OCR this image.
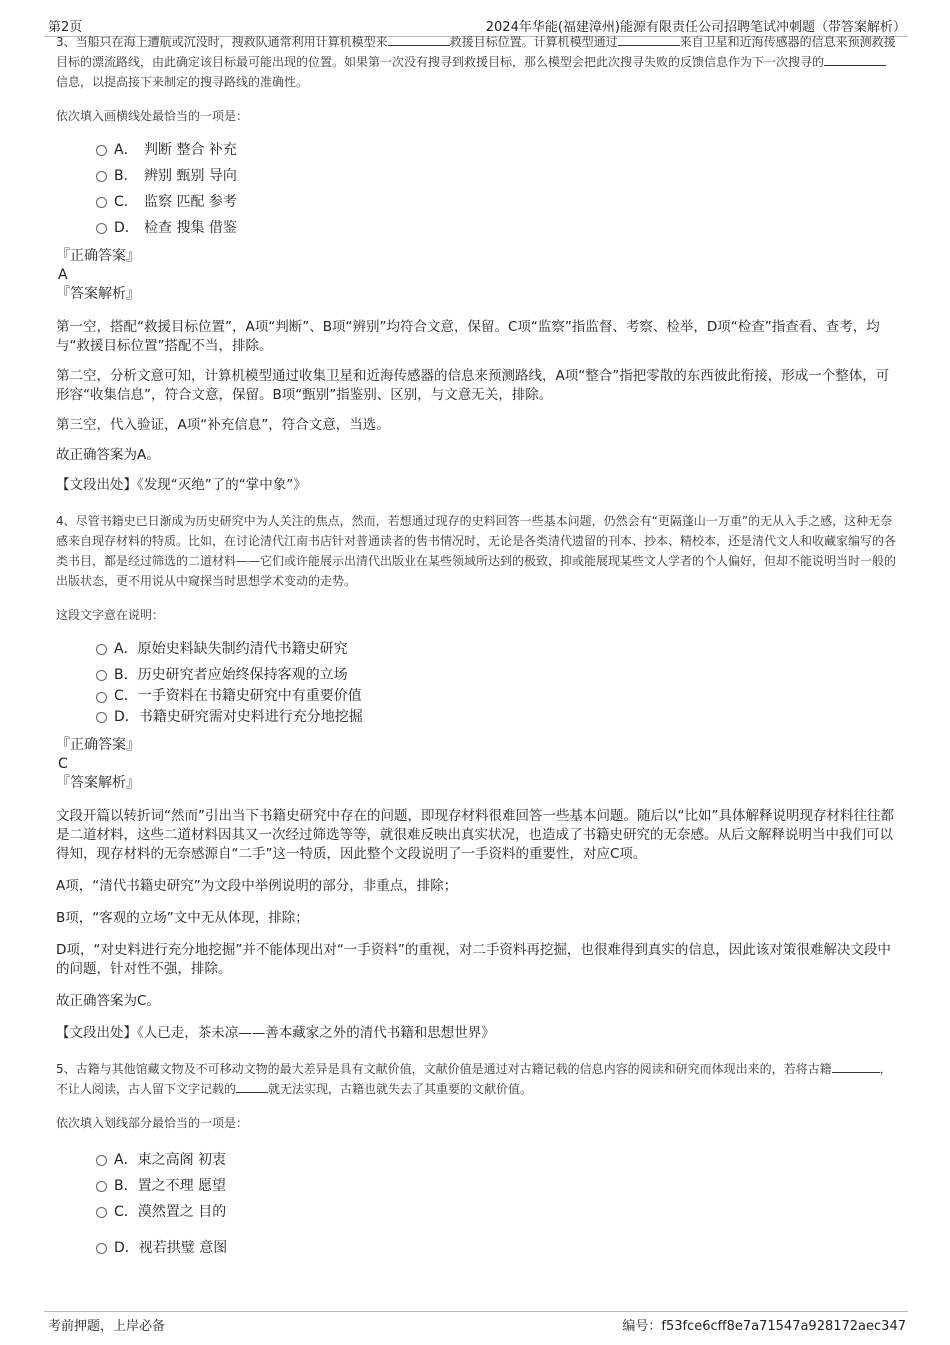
第2页	2024年华能(福建漳州)能源有限责任公司招聘笔试冲刺题（带答案解析）

3、当船只在海上遭航或沉没时，搜救队通常利用计算机模型来	救援目标位置。计算机模型通过	来自卫星和近海传感器的信息来预测救援目标的漂流路线，由此确定该目标最可能出现的位置。如果第一次没有搜寻到救援目标，那么模型会把此次搜寻失败的反馈信息作为下一次搜寻的信息，以提高接下来制定的搜寻路线的准确性。

依次填入画横线处最恰当的一项是：

A． 判断 整合 补充
B． 辨别 甄别 导向
C． 监察 匹配 参考
D． 检查 搜集 借鉴

『正确答案』

A

『答案解析』

第一空，搭配“救援目标位置”，A项“判断”、B项“辨别”均符合文意，保留。C项“监察”指监督、考察、检举，D项“检查”指查看、查考，均与“救援目标位置”搭配不当，排除。

第二空，分析文意可知，计算机模型通过收集卫星和近海传感器的信息来预测路线，A项“整合”指把零散的东西彼此衔接，形成一个整体，可形容“收集信息”，符合文意，保留。B项“甄别”指鉴别、区别，与文意无关，排除。

第三空，代入验证，A项“补充信息”，符合文意，当选。

故正确答案为A。

【文段出处】《发现“灭绝”了的“掌中象”》

4、尽管书籍史已日渐成为历史研究中为人关注的焦点，然而，若想通过现存的史料回答一些基本问题，仍然会有“更隔蓬山一万重”的无从入手之感，这种无奈感来自现存材料的特质。比如，在讨论清代江南书店针对普通读者的售书情况时，无论是各类清代遗留的刊本、抄本、精校本，还是清代文人和收藏家编写的各类书目，都是经过筛选的二道材料——它们或许能展示出清代出版业在某些领域所达到的极致，抑或能展现某些文人学者的个人偏好，但却不能说明当时一般的出版状态，更不用说从中窥探当时思想学术变动的走势。

这段文字意在说明：

A．原始史料缺失制约清代书籍史研究
B．历史研究者应始终保持客观的立场
C．一手资料在书籍史研究中有重要价值
D．书籍史研究需对史料进行充分地挖掘

『正确答案』

C

『答案解析』

文段开篇以转折词“然而”引出当下书籍史研究中存在的问题，即现存材料很难回答一些基本问题。随后以“比如”具体解释说明现存材料往往都是二道材料，这些二道材料因其又一次经过筛选等等，就很难反映出真实状况，也造成了书籍史研究的无奈感。从后文解释说明当中我们可以得知，现存材料的无奈感源自“二手”这一特质，因此整个文段说明了一手资料的重要性，对应C项。

A项，“清代书籍史研究”为文段中举例说明的部分，非重点，排除；

B项，“客观的立场”文中无从体现，排除；

D项，“对史料进行充分地挖掘”并不能体现出对“一手资料”的重视，对二手资料再挖掘，也很难得到真实的信息，因此该对策很难解决文段中的问题，针对性不强，排除。

故正确答案为C。

【文段出处】《人已走，茶未凉——善本藏家之外的清代书籍和思想世界》

5、古籍与其他馆藏文物及不可移动文物的最大差异是具有文献价值，文献价值是通过对古籍记载的信息内容的阅读和研究而体现出来的，若将古籍	，不让人阅读，古人留下文字记载的	就无法实现，古籍也就失去了其重要的文献价值。

依次填入划线部分最恰当的一项是：

A．束之高阁 初衷
B．置之不理 愿望
C．漠然置之 目的
D．视若拱璧 意图
考前押题，上岸必备	编号：f53fce6cff8e7a71547a928172aec347
